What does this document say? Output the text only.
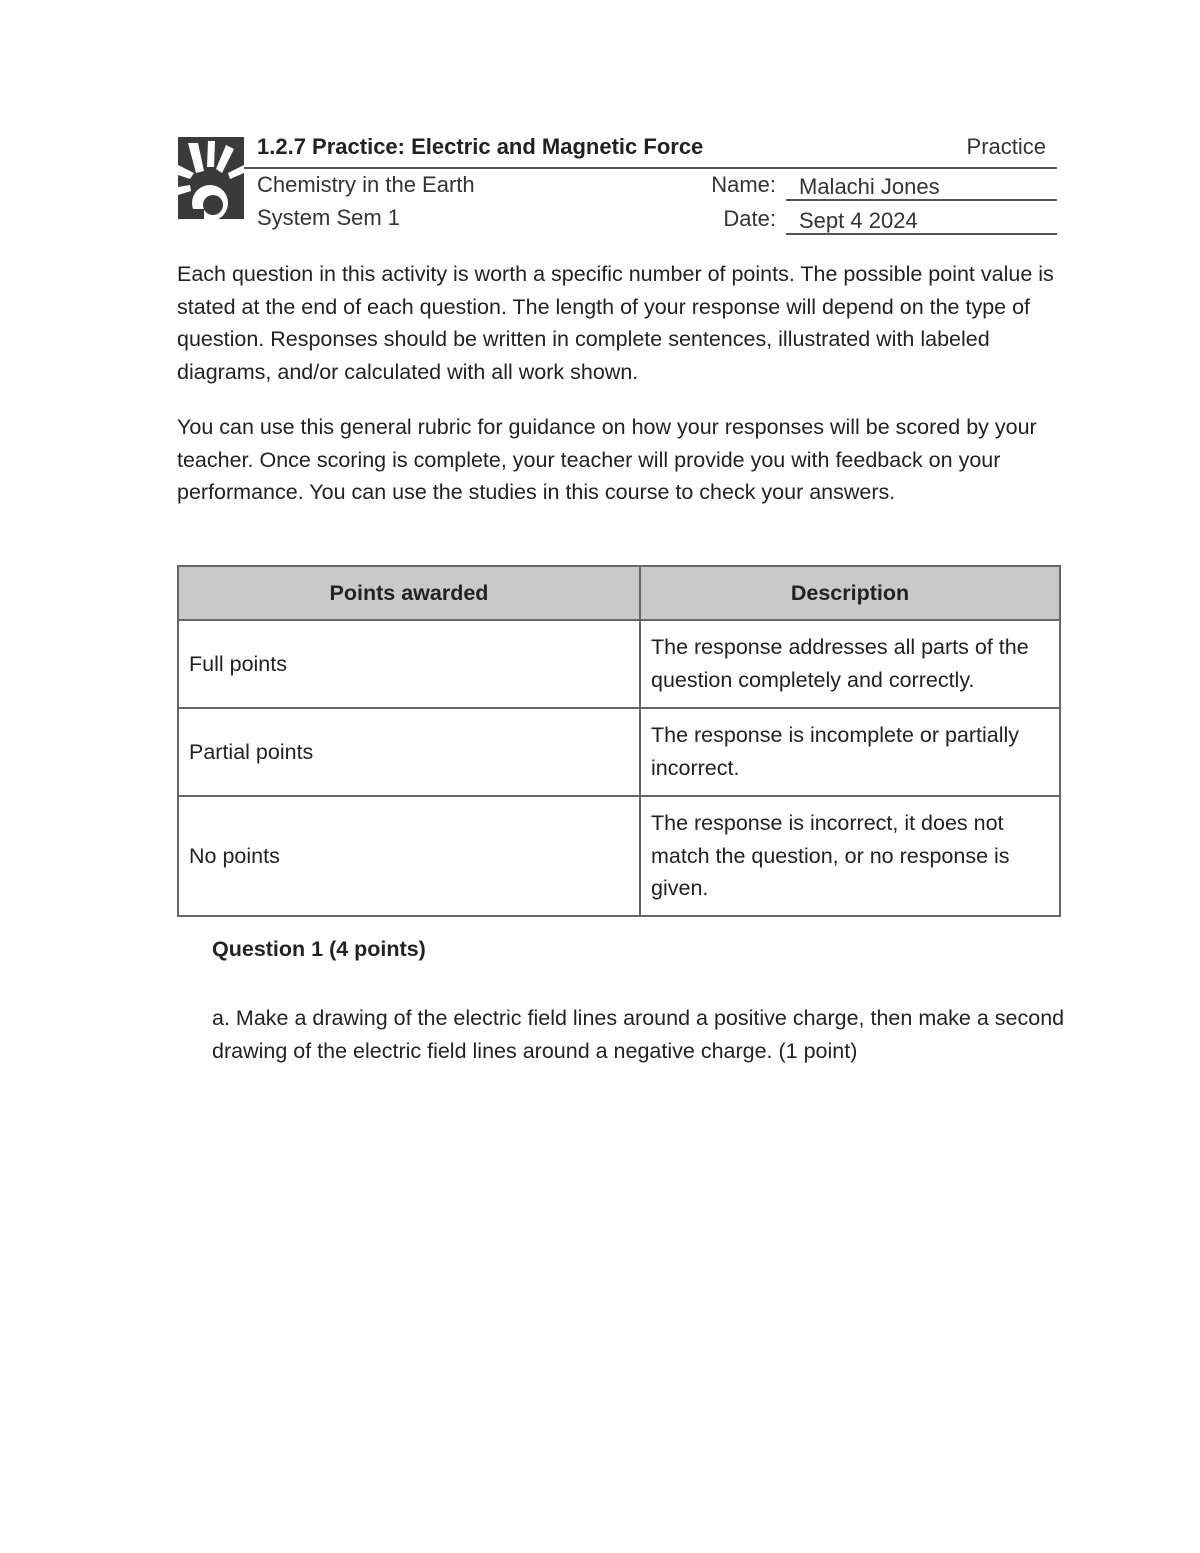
1.2.7 Practice: Electric and Magnetic Force	Practice
Chemistry in the Earth
System Sem 1
Name:	Malachi Jones
Date:	Sept 4 2024
Each question in this activity is worth a specific number of points. The possible point value is stated at the end of each question. The length of your response will depend on the type of question. Responses should be written in complete sentences, illustrated with labeled diagrams, and/or calculated with all work shown.
You can use this general rubric for guidance on how your responses will be scored by your teacher. Once scoring is complete, your teacher will provide you with feedback on your performance. You can use the studies in this course to check your answers.
Points awarded	Description
Full points	The response addresses all parts of the question completely and correctly.
Partial points	The response is incomplete or partially incorrect.
No points	The response is incorrect, it does not match the question, or no response is given.
Question 1 (4 points)
a. Make a drawing of the electric field lines around a positive charge, then make a second drawing of the electric field lines around a negative charge. (1 point)
